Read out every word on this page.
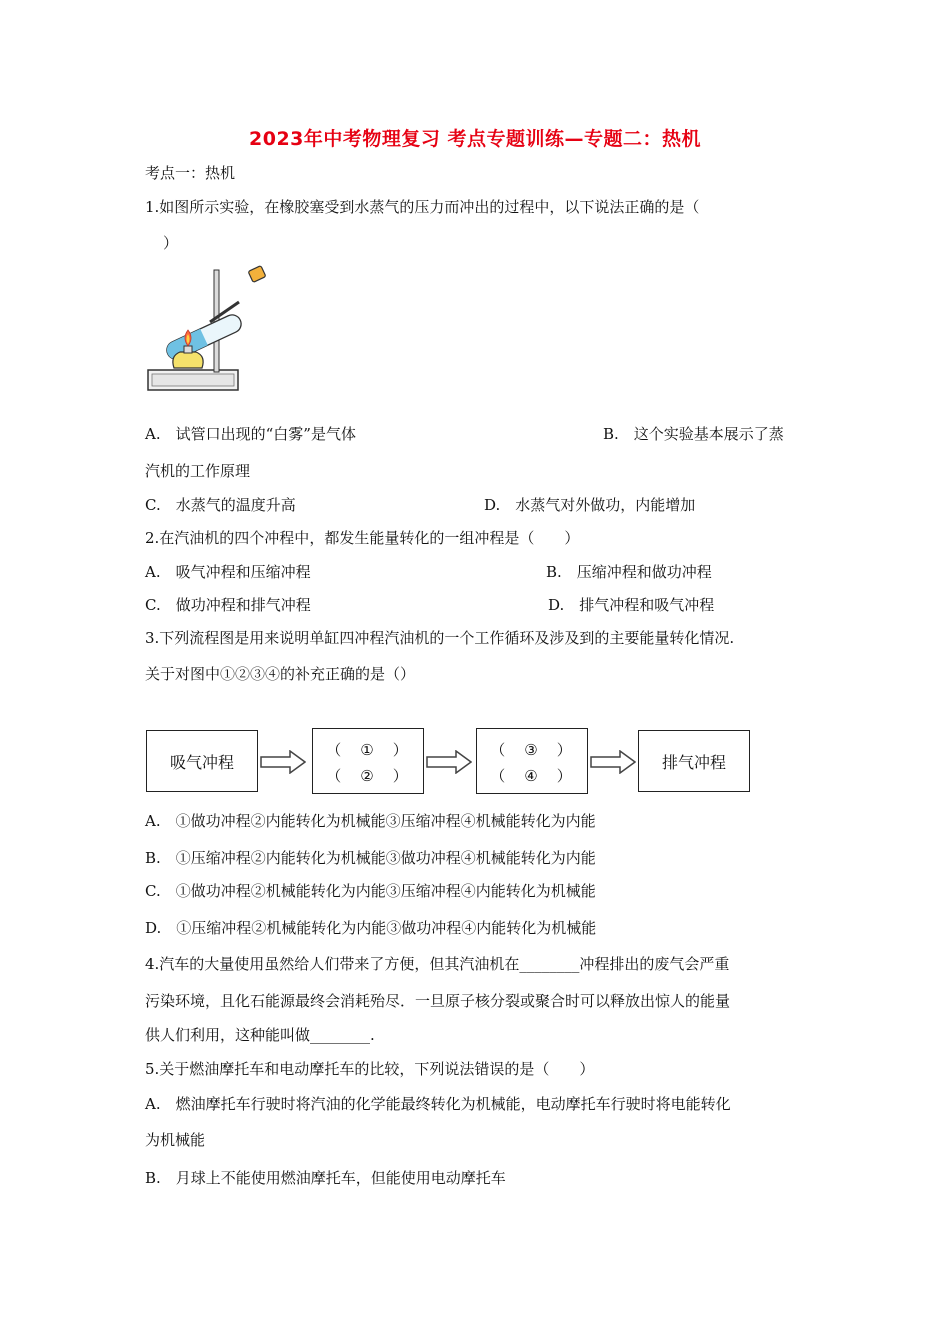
2023年中考物理复习 考点专题训练—专题二：热机
考点一：热机
1.如图所示实验，在橡胶塞受到水蒸气的压力而冲出的过程中，以下说法正确的是（
）
A.　试管口出现的“白雾”是气体	B.　这个实验基本展示了蒸
汽机的工作原理
C.　水蒸气的温度升高	D.　水蒸气对外做功，内能增加
2.在汽油机的四个冲程中，都发生能量转化的一组冲程是（　　）
A.　吸气冲程和压缩冲程	B.　压缩冲程和做功冲程
C.　做功冲程和排气冲程	D.　排气冲程和吸气冲程
3.下列流程图是用来说明单缸四冲程汽油机的一个工作循环及涉及到的主要能量转化情况.
关于对图中①②③④的补充正确的是（）
吸气冲程
（　①　）
（　②　）
（　③　）
（　④　）
排气冲程
A.　①做功冲程②内能转化为机械能③压缩冲程④机械能转化为内能
B.　①压缩冲程②内能转化为机械能③做功冲程④机械能转化为内能
C.　①做功冲程②机械能转化为内能③压缩冲程④内能转化为机械能
D.　①压缩冲程②机械能转化为内能③做功冲程④内能转化为机械能
4.汽车的大量使用虽然给人们带来了方便，但其汽油机在________冲程排出的废气会严重
污染环境，且化石能源最终会消耗殆尽．一旦原子核分裂或聚合时可以释放出惊人的能量
供人们利用，这种能叫做________.
5.关于燃油摩托车和电动摩托车的比较，下列说法错误的是（　　）
A.　燃油摩托车行驶时将汽油的化学能最终转化为机械能，电动摩托车行驶时将电能转化
为机械能
B.　月球上不能使用燃油摩托车，但能使用电动摩托车
